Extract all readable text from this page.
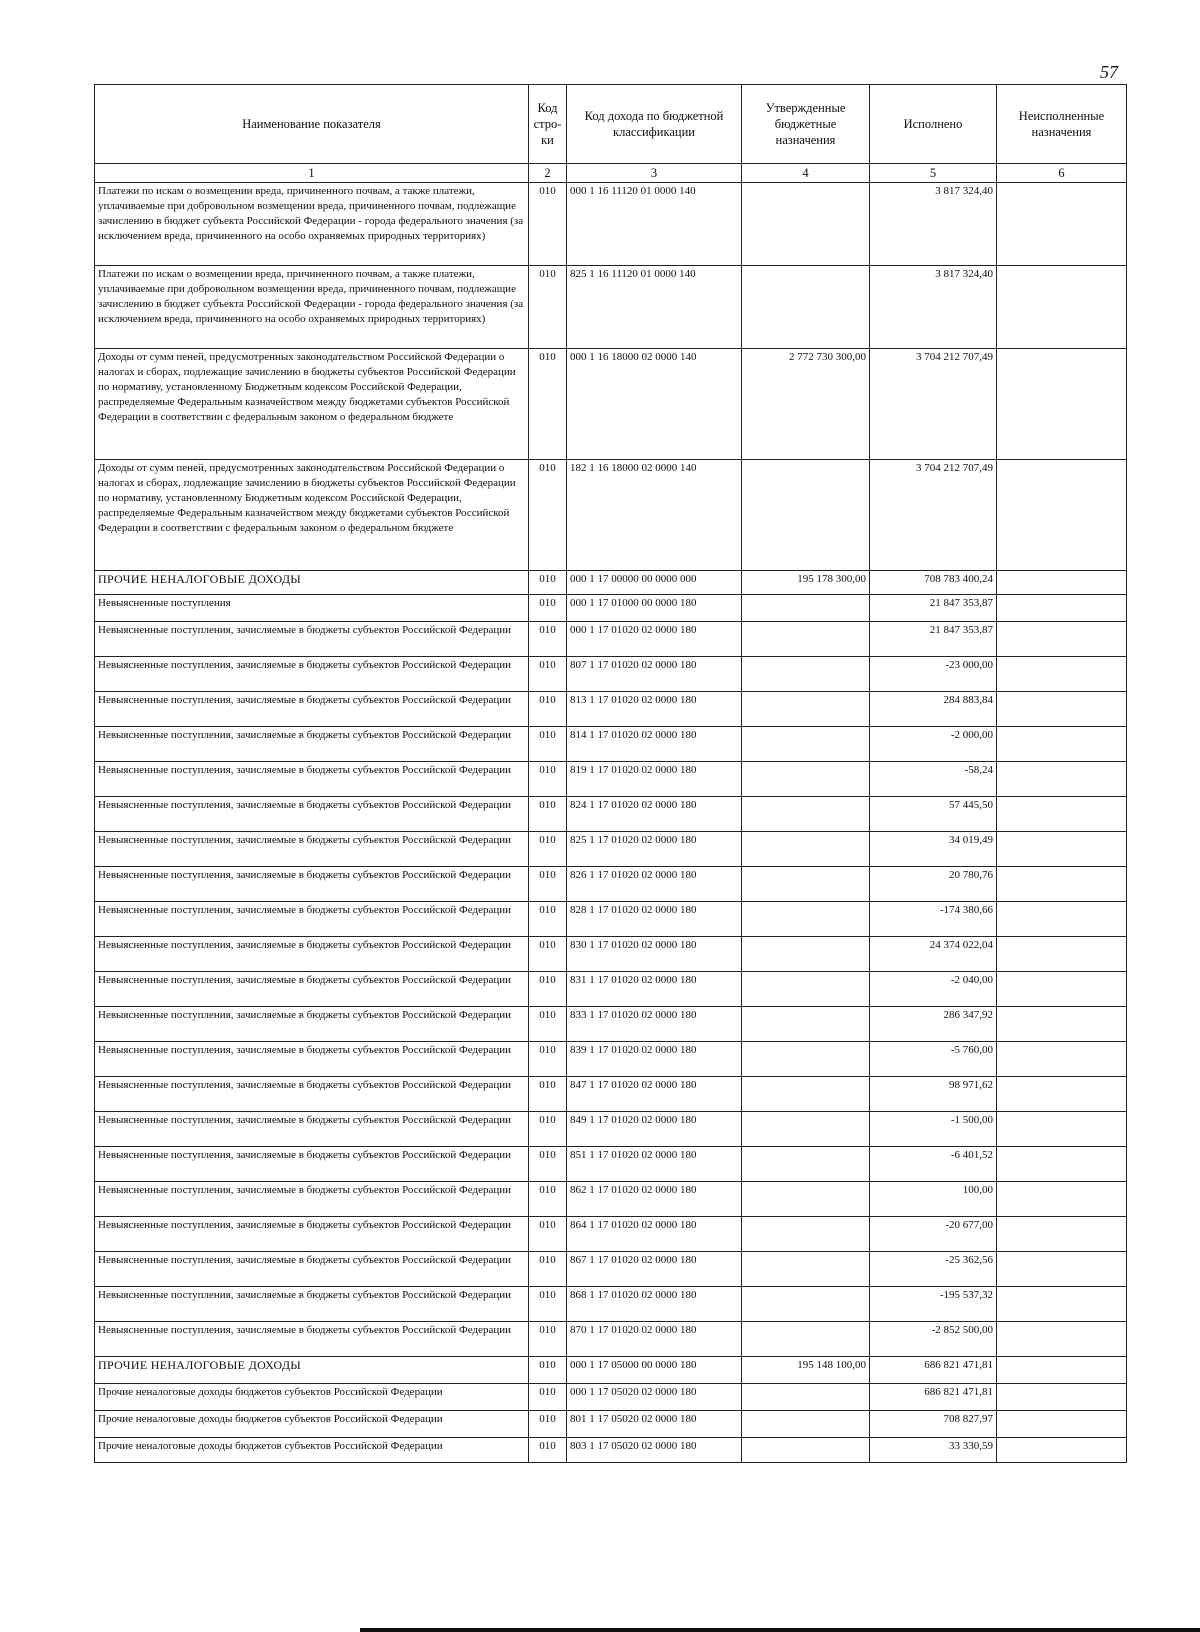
57
Наименование показателя	Код стро- ки	Код дохода по бюджетной классификации	Утвержденные бюджетные назначения	Исполнено	Неисполненные назначения
1	2	3	4	5	6
Платежи по искам о возмещении вреда, причиненного почвам, а также платежи, уплачиваемые при добровольном возмещении вреда, причиненного почвам, подлежащие зачислению в бюджет субъекта Российской Федерации - города федерального значения (за исключением вреда, причиненного на особо охраняемых природных территориях)	010	000 1 16 11120 01 0000 140		3 817 324,40	
Платежи по искам о возмещении вреда, причиненного почвам, а также платежи, уплачиваемые при добровольном возмещении вреда, причиненного почвам, подлежащие зачислению в бюджет субъекта Российской Федерации - города федерального значения (за исключением вреда, причиненного на особо охраняемых природных территориях)	010	825 1 16 11120 01 0000 140		3 817 324,40	
Доходы от сумм пеней, предусмотренных законодательством Российской Федерации о налогах и сборах, подлежащие зачислению в бюджеты субъектов Российской Федерации по нормативу, установленному Бюджетным кодексом Российской Федерации, распределяемые Федеральным казначейством между бюджетами субъектов Российской Федерации в соответствии с федеральным законом о федеральном бюджете	010	000 1 16 18000 02 0000 140	2 772 730 300,00	3 704 212 707,49	
Доходы от сумм пеней, предусмотренных законодательством Российской Федерации о налогах и сборах, подлежащие зачислению в бюджеты субъектов Российской Федерации по нормативу, установленному Бюджетным кодексом Российской Федерации, распределяемые Федеральным казначейством между бюджетами субъектов Российской Федерации в соответствии с федеральным законом о федеральном бюджете	010	182 1 16 18000 02 0000 140		3 704 212 707,49	
ПРОЧИЕ НЕНАЛОГОВЫЕ ДОХОДЫ	010	000 1 17 00000 00 0000 000	195 178 300,00	708 783 400,24	
Невыясненные поступления	010	000 1 17 01000 00 0000 180		21 847 353,87	
Невыясненные поступления, зачисляемые в бюджеты субъектов Российской Федерации	010	000 1 17 01020 02 0000 180		21 847 353,87	
Невыясненные поступления, зачисляемые в бюджеты субъектов Российской Федерации	010	807 1 17 01020 02 0000 180		-23 000,00	
Невыясненные поступления, зачисляемые в бюджеты субъектов Российской Федерации	010	813 1 17 01020 02 0000 180		284 883,84	
Невыясненные поступления, зачисляемые в бюджеты субъектов Российской Федерации	010	814 1 17 01020 02 0000 180		-2 000,00	
Невыясненные поступления, зачисляемые в бюджеты субъектов Российской Федерации	010	819 1 17 01020 02 0000 180		-58,24	
Невыясненные поступления, зачисляемые в бюджеты субъектов Российской Федерации	010	824 1 17 01020 02 0000 180		57 445,50	
Невыясненные поступления, зачисляемые в бюджеты субъектов Российской Федерации	010	825 1 17 01020 02 0000 180		34 019,49	
Невыясненные поступления, зачисляемые в бюджеты субъектов Российской Федерации	010	826 1 17 01020 02 0000 180		20 780,76	
Невыясненные поступления, зачисляемые в бюджеты субъектов Российской Федерации	010	828 1 17 01020 02 0000 180		-174 380,66	
Невыясненные поступления, зачисляемые в бюджеты субъектов Российской Федерации	010	830 1 17 01020 02 0000 180		24 374 022,04	
Невыясненные поступления, зачисляемые в бюджеты субъектов Российской Федерации	010	831 1 17 01020 02 0000 180		-2 040,00	
Невыясненные поступления, зачисляемые в бюджеты субъектов Российской Федерации	010	833 1 17 01020 02 0000 180		286 347,92	
Невыясненные поступления, зачисляемые в бюджеты субъектов Российской Федерации	010	839 1 17 01020 02 0000 180		-5 760,00	
Невыясненные поступления, зачисляемые в бюджеты субъектов Российской Федерации	010	847 1 17 01020 02 0000 180		98 971,62	
Невыясненные поступления, зачисляемые в бюджеты субъектов Российской Федерации	010	849 1 17 01020 02 0000 180		-1 500,00	
Невыясненные поступления, зачисляемые в бюджеты субъектов Российской Федерации	010	851 1 17 01020 02 0000 180		-6 401,52	
Невыясненные поступления, зачисляемые в бюджеты субъектов Российской Федерации	010	862 1 17 01020 02 0000 180		100,00	
Невыясненные поступления, зачисляемые в бюджеты субъектов Российской Федерации	010	864 1 17 01020 02 0000 180		-20 677,00	
Невыясненные поступления, зачисляемые в бюджеты субъектов Российской Федерации	010	867 1 17 01020 02 0000 180		-25 362,56	
Невыясненные поступления, зачисляемые в бюджеты субъектов Российской Федерации	010	868 1 17 01020 02 0000 180		-195 537,32	
Невыясненные поступления, зачисляемые в бюджеты субъектов Российской Федерации	010	870 1 17 01020 02 0000 180		-2 852 500,00	
ПРОЧИЕ НЕНАЛОГОВЫЕ ДОХОДЫ	010	000 1 17 05000 00 0000 180	195 148 100,00	686 821 471,81	
Прочие неналоговые доходы бюджетов субъектов Российской Федерации	010	000 1 17 05020 02 0000 180		686 821 471,81	
Прочие неналоговые доходы бюджетов субъектов Российской Федерации	010	801 1 17 05020 02 0000 180		708 827,97	
Прочие неналоговые доходы бюджетов субъектов Российской Федерации	010	803 1 17 05020 02 0000 180		33 330,59	
